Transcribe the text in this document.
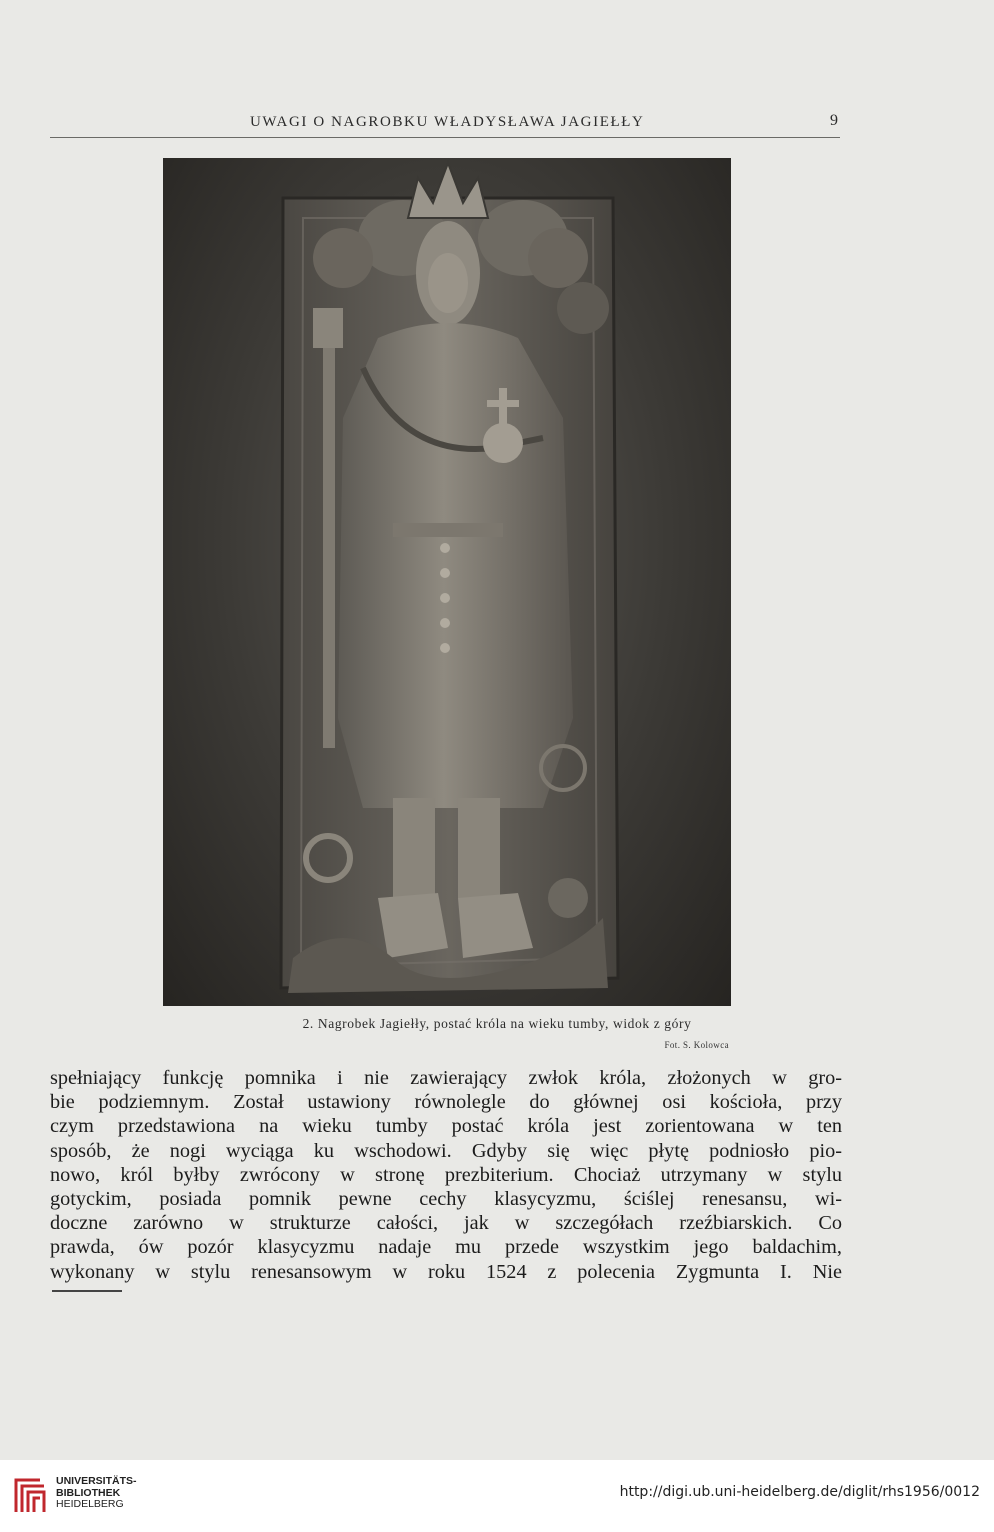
UWAGI O NAGROBKU WŁADYSŁAWA JAGIEŁŁY	9
2. Nagrobek Jagiełły, postać króla na wieku tumby, widok z góry
Fot. S. Kolowca
spełniający funkcję pomnika i nie zawierający zwłok króla, złożonych w gro-
bie podziemnym. Został ustawiony równolegle do głównej osi kościoła, przy
czym przedstawiona na wieku tumby postać króla jest zorientowana w ten
sposób, że nogi wyciąga ku wschodowi. Gdyby się więc płytę podniosło pio-
nowo, król byłby zwrócony w stronę prezbiterium. Chociaż utrzymany w stylu
gotyckim, posiada pomnik pewne cechy klasycyzmu, ściślej renesansu, wi-
doczne zarówno w strukturze całości, jak w szczegółach rzeźbiarskich. Co
prawda, ów pozór klasycyzmu nadaje mu przede wszystkim jego baldachim,
wykonany w stylu renesansowym w roku 1524 z polecenia Zygmunta I. Nie
UNIVERSITÄTS-
BIBLIOTHEK
HEIDELBERG
http://digi.ub.uni-heidelberg.de/diglit/rhs1956/0012
